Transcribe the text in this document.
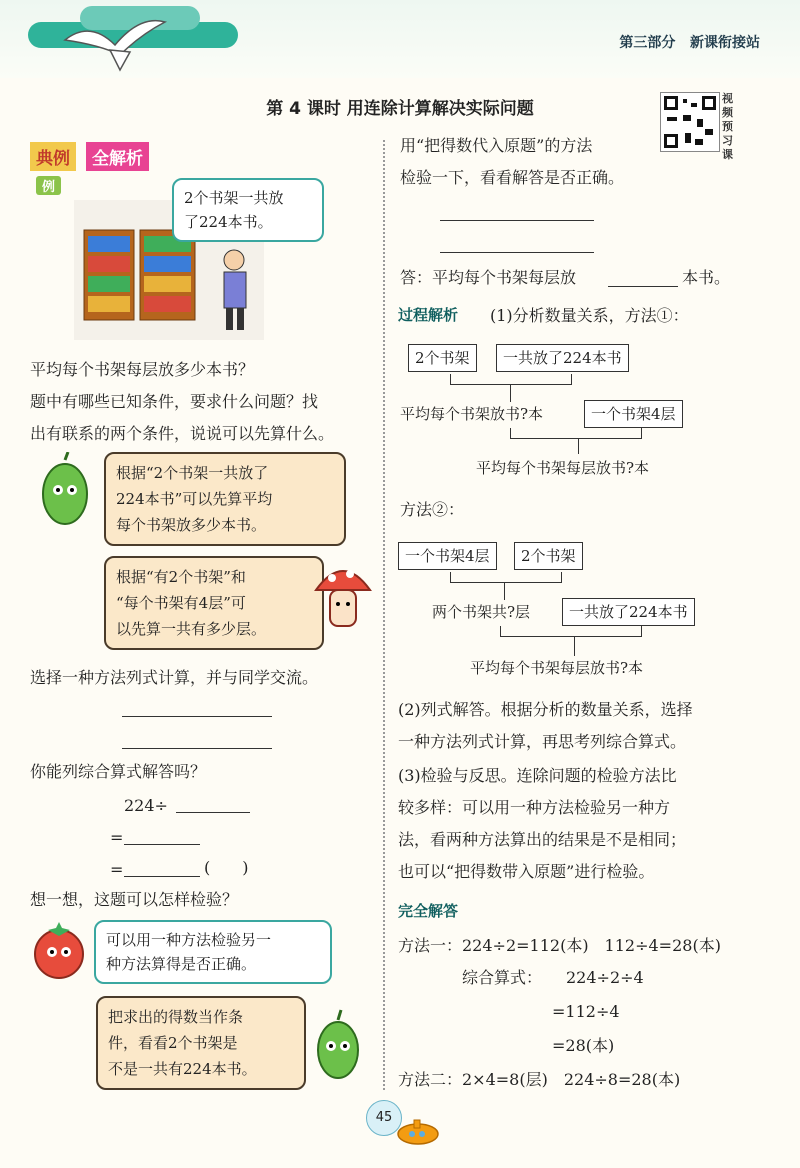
第三部分 新课衔接站
第 4 课时 用连除计算解决实际问题
视频预习课
典例	全解析
例
2个书架一共放
了224本书。
平均每个书架每层放多少本书？
题中有哪些已知条件，要求什么问题？找
出有联系的两个条件，说说可以先算什么。
根据“2个书架一共放了
224本书”可以先算平均
每个书架放多少本书。
根据“有2个书架”和
“每个书架有4层”可
以先算一共有多少层。
选择一种方法列式计算，并与同学交流。
你能列综合算式解答吗？
224÷
=
=	(　　)
想一想，这题可以怎样检验？
可以用一种方法检验另一
种方法算得是否正确。
把求出的得数当作条
件，看看2个书架是
不是一共有224本书。
用“把得数代入原题”的方法
检验一下，看看解答是否正确。
答：平均每个书架每层放	本书。
过程解析 (1)分析数量关系，方法①：
2个书架	一共放了224本书
平均每个书架放书?本	一个书架4层
平均每个书架每层放书?本
方法②：
一个书架4层	2个书架
两个书架共?层	一共放了224本书
平均每个书架每层放书?本
(2)列式解答。根据分析的数量关系，选择
一种方法列式计算，再思考列综合算式。
(3)检验与反思。连除问题的检验方法比
较多样：可以用一种方法检验另一种方
法，看两种方法算出的结果是不是相同；
也可以“把得数带入原题”进行检验。
完全解答
方法一：224÷2=112(本)　112÷4=28(本)
综合算式： 224÷2÷4
=112÷4
=28(本)
方法二：2×4=8(层)　224÷8=28(本)
45
